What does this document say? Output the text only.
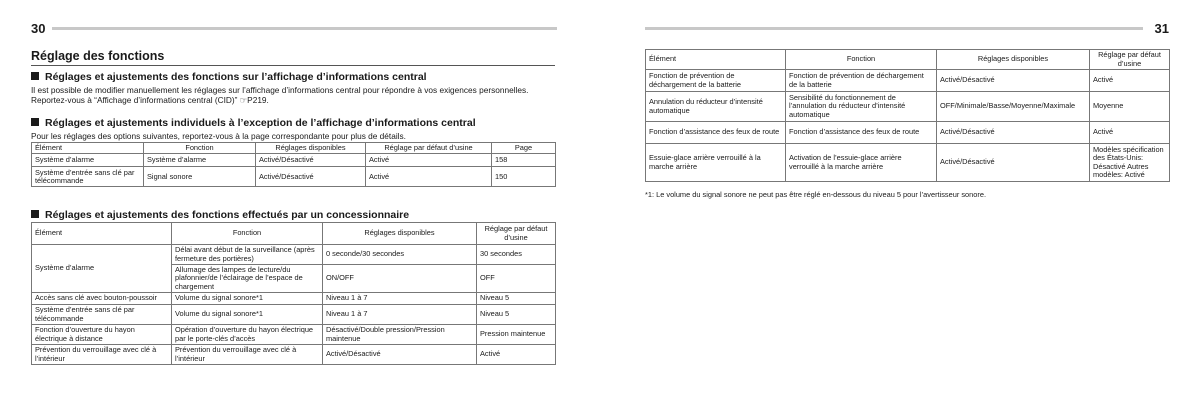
30
Réglage des fonctions
Réglages et ajustements des fonctions sur l’affichage d’informations central
Il est possible de modifier manuellement les réglages sur l’affichage d’informations central pour répondre à vos exigences personnelles.
Reportez-vous à “Affichage d’informations central (CID)” ☞P219.
Réglages et ajustements individuels à l’exception de l’affichage d’informations central
Pour les réglages des options suivantes, reportez-vous à la page correspondante pour plus de détails.
Élément	Fonction	Réglages disponibles	Réglage par défaut d’usine	Page
Système d’alarme	Système d’alarme	Activé/Désactivé	Activé	158
Système d’entrée sans clé par télécommande	Signal sonore	Activé/Désactivé	Activé	150
Réglages et ajustements des fonctions effectués par un concessionnaire
Élément	Fonction	Réglages disponibles	Réglage par défaut d’usine
Système d’alarme	Délai avant début de la surveillance (après fermeture des portières)	0 seconde/30 secondes	30 secondes
	Allumage des lampes de lecture/du plafonnier/de l’éclairage de l’espace de chargement	ON/OFF	OFF
Accès sans clé avec bouton-poussoir	Volume du signal sonore*1	Niveau 1 à 7	Niveau 5
Système d’entrée sans clé par télécommande	Volume du signal sonore*1	Niveau 1 à 7	Niveau 5
Fonction d’ouverture du hayon électrique à distance	Opération d’ouverture du hayon électrique par le porte-clés d’accès	Désactivé/Double pression/Pression maintenue	Pression maintenue
Prévention du verrouillage avec clé à l’intérieur	Prévention du verrouillage avec clé à l’intérieur	Activé/Désactivé	Activé
31
Élément	Fonction	Réglages disponibles	Réglage par défaut d’usine
Fonction de prévention de déchargement de la batterie	Fonction de prévention de déchargement de la batterie	Activé/Désactivé	Activé
Annulation du réducteur d’intensité automatique	Sensibilité du fonctionnement de l’annulation du réducteur d’intensité automatique	OFF/Minimale/Basse/Moyenne/Maximale	Moyenne
Fonction d’assistance des feux de route	Fonction d’assistance des feux de route	Activé/Désactivé	Activé
Essuie-glace arrière verrouillé à la marche arrière	Activation de l’essuie-glace arrière verrouillé à la marche arrière	Activé/Désactivé	Modèles spécification des États-Unis: Désactivé Autres modèles: Activé
*1: Le volume du signal sonore ne peut pas être réglé en-dessous du niveau 5 pour l’avertisseur sonore.
